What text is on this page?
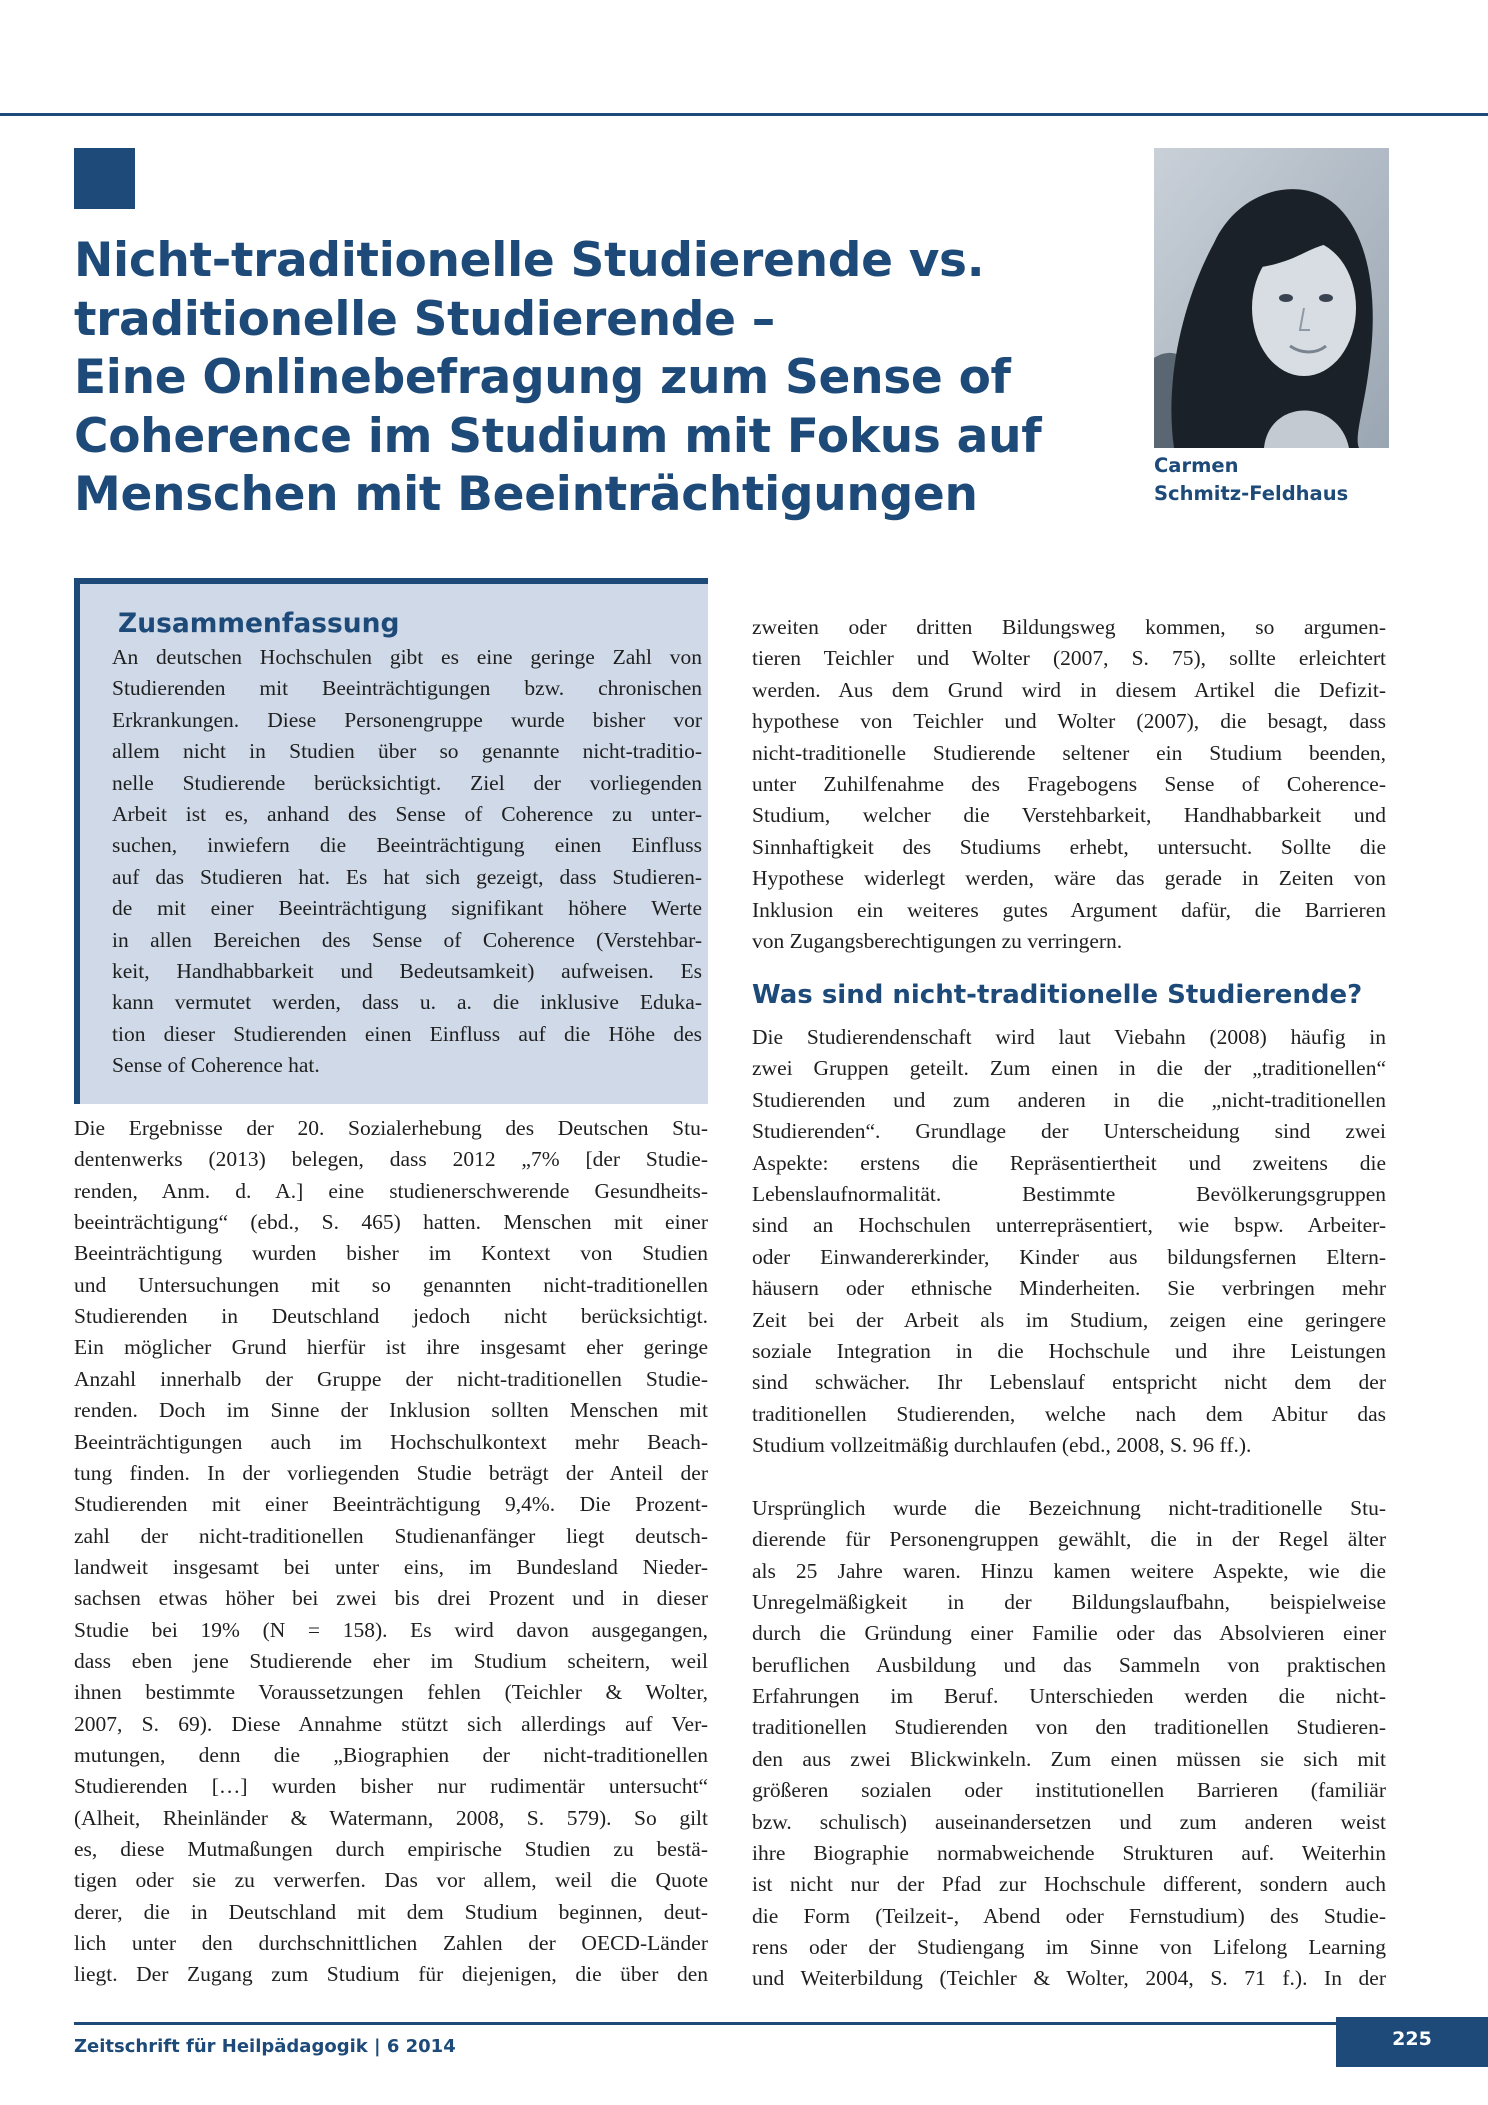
Nicht-traditionelle Studierende vs.
traditionelle Studierende –
Eine Onlinebefragung zum Sense of
Coherence im Studium mit Fokus auf
Menschen mit Beeinträchtigungen
Carmen
Schmitz-Feldhaus
Zusammenfassung
An deutschen Hochschulen gibt es eine geringe Zahl von
Studierenden mit Beeinträchtigungen bzw. chronischen
Erkrankungen. Diese Personengruppe wurde bisher vor
allem nicht in Studien über so genannte nicht-traditio-
nelle Studierende berücksichtigt. Ziel der vorliegenden
Arbeit ist es, anhand des Sense of Coherence zu unter-
suchen, inwiefern die Beeinträchtigung einen Einfluss
auf das Studieren hat. Es hat sich gezeigt, dass Studieren-
de mit einer Beeinträchtigung signifikant höhere Werte
in allen Bereichen des Sense of Coherence (Verstehbar-
keit, Handhabbarkeit und Bedeutsamkeit) aufweisen. Es
kann vermutet werden, dass u. a. die inklusive Eduka-
tion dieser Studierenden einen Einfluss auf die Höhe des
Sense of Coherence hat.
Die Ergebnisse der 20. Sozialerhebung des Deutschen Stu-
dentenwerks (2013) belegen, dass 2012 „7% [der Studie-
renden, Anm. d. A.] eine studienerschwerende Gesundheits-
beeinträchtigung“ (ebd., S. 465) hatten. Menschen mit einer
Beeinträchtigung wurden bisher im Kontext von Studien
und Untersuchungen mit so genannten nicht-traditionellen
Studierenden in Deutschland jedoch nicht berücksichtigt.
Ein möglicher Grund hierfür ist ihre insgesamt eher geringe
Anzahl innerhalb der Gruppe der nicht-traditionellen Studie-
renden. Doch im Sinne der Inklusion sollten Menschen mit
Beeinträchtigungen auch im Hochschulkontext mehr Beach-
tung finden. In der vorliegenden Studie beträgt der Anteil der
Studierenden mit einer Beeinträchtigung 9,4%. Die Prozent-
zahl der nicht-traditionellen Studienanfänger liegt deutsch-
landweit insgesamt bei unter eins, im Bundesland Nieder-
sachsen etwas höher bei zwei bis drei Prozent und in dieser
Studie bei 19% (N = 158). Es wird davon ausgegangen,
dass eben jene Studierende eher im Studium scheitern, weil
ihnen bestimmte Voraussetzungen fehlen (Teichler & Wolter,
2007, S. 69). Diese Annahme stützt sich allerdings auf Ver-
mutungen, denn die „Biographien der nicht-traditionellen
Studierenden […] wurden bisher nur rudimentär untersucht“
(Alheit, Rheinländer & Watermann, 2008, S. 579). So gilt
es, diese Mutmaßungen durch empirische Studien zu bestä-
tigen oder sie zu verwerfen. Das vor allem, weil die Quote
derer, die in Deutschland mit dem Studium beginnen, deut-
lich unter den durchschnittlichen Zahlen der OECD-Länder
liegt. Der Zugang zum Studium für diejenigen, die über den
zweiten oder dritten Bildungsweg kommen, so argumen-
tieren Teichler und Wolter (2007, S. 75), sollte erleichtert
werden. Aus dem Grund wird in diesem Artikel die Defizit-
hypothese von Teichler und Wolter (2007), die besagt, dass
nicht-traditionelle Studierende seltener ein Studium beenden,
unter Zuhilfenahme des Fragebogens Sense of Coherence-
Studium, welcher die Verstehbarkeit, Handhabbarkeit und
Sinnhaftigkeit des Studiums erhebt, untersucht. Sollte die
Hypothese widerlegt werden, wäre das gerade in Zeiten von
Inklusion ein weiteres gutes Argument dafür, die Barrieren
von Zugangsberechtigungen zu verringern.
Was sind nicht-traditionelle Studierende?
Die Studierendenschaft wird laut Viebahn (2008) häufig in
zwei Gruppen geteilt. Zum einen in die der „traditionellen“
Studierenden und zum anderen in die „nicht-traditionellen
Studierenden“. Grundlage der Unterscheidung sind zwei
Aspekte: erstens die Repräsentiertheit und zweitens die
Lebenslaufnormalität. Bestimmte Bevölkerungsgruppen
sind an Hochschulen unterrepräsentiert, wie bspw. Arbeiter-
oder Einwandererkinder, Kinder aus bildungsfernen Eltern-
häusern oder ethnische Minderheiten. Sie verbringen mehr
Zeit bei der Arbeit als im Studium, zeigen eine geringere
soziale Integration in die Hochschule und ihre Leistungen
sind schwächer. Ihr Lebenslauf entspricht nicht dem der
traditionellen Studierenden, welche nach dem Abitur das
Studium vollzeitmäßig durchlaufen (ebd., 2008, S. 96 ff.).
Ursprünglich wurde die Bezeichnung nicht-traditionelle Stu-
dierende für Personengruppen gewählt, die in der Regel älter
als 25 Jahre waren. Hinzu kamen weitere Aspekte, wie die
Unregelmäßigkeit in der Bildungslaufbahn, beispielweise
durch die Gründung einer Familie oder das Absolvieren einer
beruflichen Ausbildung und das Sammeln von praktischen
Erfahrungen im Beruf. Unterschieden werden die nicht-
traditionellen Studierenden von den traditionellen Studieren-
den aus zwei Blickwinkeln. Zum einen müssen sie sich mit
größeren sozialen oder institutionellen Barrieren (familiär
bzw. schulisch) auseinandersetzen und zum anderen weist
ihre Biographie normabweichende Strukturen auf. Weiterhin
ist nicht nur der Pfad zur Hochschule different, sondern auch
die Form (Teilzeit-, Abend oder Fernstudium) des Studie-
rens oder der Studiengang im Sinne von Lifelong Learning
und Weiterbildung (Teichler & Wolter, 2004, S. 71 f.). In der
Zeitschrift für Heilpädagogik | 6 2014	225
